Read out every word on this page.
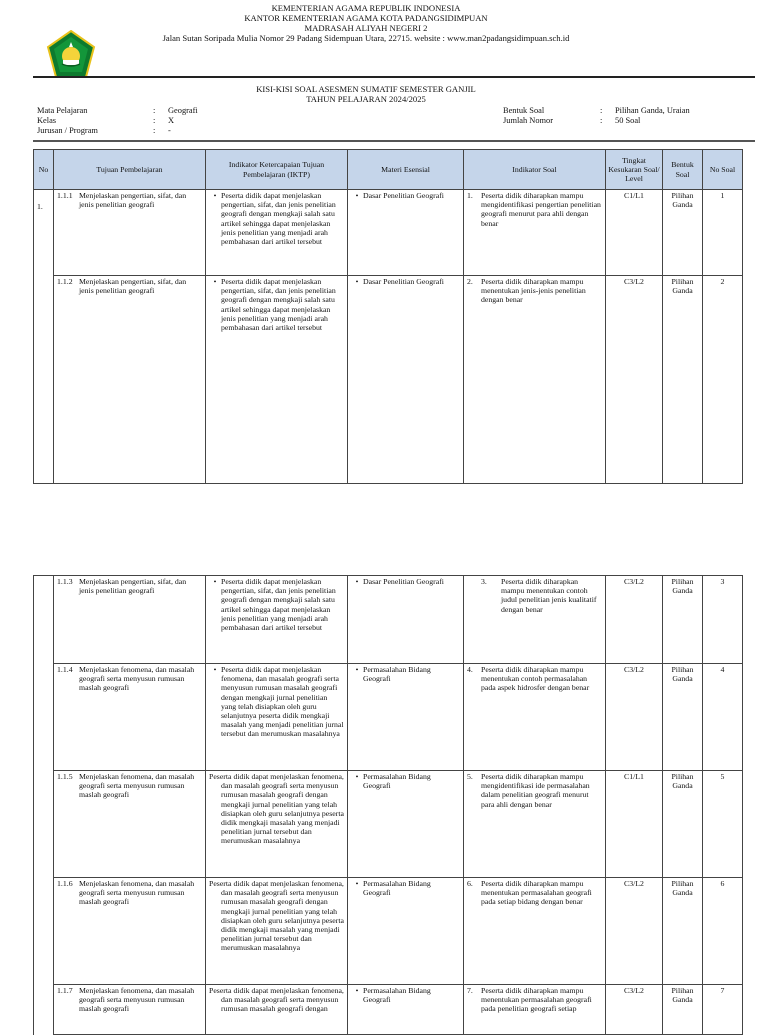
KEMENTERIAN AGAMA REPUBLIK INDONESIA
KANTOR KEMENTERIAN AGAMA KOTA PADANGSIDIMPUAN
MADRASAH ALIYAH NEGERI 2
Jalan Sutan Soripada Mulia Nomor 29 Padang Sidempuan Utara, 22715. website : www.man2padangsidimpuan.sch.id
KISI-KISI SOAL ASESMEN SUMATIF SEMESTER GANJIL
TAHUN PELAJARAN 2024/2025
Mata Pelajaran	: Geografi
Kelas	: X
Jurusan / Program	: -
Bentuk Soal	: Pilihan Ganda, Uraian
Jumlah Nomor	: 50 Soal
No	Tujuan Pembelajaran	Indikator Ketercapaian Tujuan Pembelajaran (IKTP)	Materi Esensial	Indikator Soal	Tingkat Kesukaran Soal/ Level	Bentuk Soal	No Soal
1.	1.1.1 Menjelaskan pengertian, sifat, dan jenis penelitian geografi	• Peserta didik dapat menjelaskan pengertian, sifat, dan jenis penelitian geografi dengan mengkaji salah satu artikel sehingga dapat menjelaskan jenis penelitian yang menjadi arah pembahasan dari artikel tersebut	• Dasar Penelitian Geografi	1. Peserta didik diharapkan mampu mengidentifikasi pengertian penelitian geografi menurut para ahli dengan benar	C1/L1	Pilihan Ganda	1

	1.1.2 Menjelaskan pengertian, sifat, dan jenis penelitian geografi	• Peserta didik dapat menjelaskan pengertian, sifat, dan jenis penelitian geografi dengan mengkaji salah satu artikel sehingga dapat menjelaskan jenis penelitian yang menjadi arah pembahasan dari artikel tersebut	• Dasar Penelitian Geografi	2. Peserta didik diharapkan mampu menentukan jenis-jenis penelitian dengan benar	C3/L2	Pilihan Ganda	2

	1.1.3 Menjelaskan pengertian, sifat, dan jenis penelitian geografi	• Peserta didik dapat menjelaskan pengertian, sifat, dan jenis penelitian geografi dengan mengkaji salah satu artikel sehingga dapat menjelaskan jenis penelitian yang menjadi arah pembahasan dari artikel tersebut	• Dasar Penelitian Geografi	3. Peserta didik diharapkan mampu menentukan contoh judul penelitian jenis kualitatif dengan benar	C3/L2	Pilihan Ganda	3

	1.1.4 Menjelaskan fenomena, dan masalah geografi serta menyusun rumusan maslah geografi	• Peserta didik dapat menjelaskan fenomena, dan masalah geografi serta menyusun rumusan masalah geografi dengan mengkaji jurnal penelitian yang telah disiapkan oleh guru selanjutnya peserta didik mengkaji masalah yang menjadi penelitian jurnal tersebut dan merumuskan masalahnya	• Permasalahan Bidang Geografi	4. Peserta didik diharapkan mampu menentukan contoh permasalahan pada aspek hidrosfer dengan benar	C3/L2	Pilihan Ganda	4

	1.1.5 Menjelaskan fenomena, dan masalah geografi serta menyusun rumusan maslah geografi	Peserta didik dapat menjelaskan fenomena, dan masalah geografi serta menyusun rumusan masalah geografi dengan mengkaji jurnal penelitian yang telah disiapkan oleh guru selanjutnya peserta didik mengkaji masalah yang menjadi penelitian jurnal tersebut dan merumuskan masalahnya	• Permasalahan Bidang Geografi	5. Peserta didik diharapkan mampu mengidentifikasi ide permasalahan dalam penelitian geografi menurut para ahli dengan benar	C1/L1	Pilihan Ganda	5

	1.1.6 Menjelaskan fenomena, dan masalah geografi serta menyusun rumusan maslah geografi	Peserta didik dapat menjelaskan fenomena, dan masalah geografi serta menyusun rumusan masalah geografi dengan mengkaji jurnal penelitian yang telah disiapkan oleh guru selanjutnya peserta didik mengkaji masalah yang menjadi penelitian jurnal tersebut dan merumuskan masalahnya	• Permasalahan Bidang Geografi	6. Peserta didik diharapkan mampu menentukan permasalahan geografi pada setiap bidang dengan benar	C3/L2	Pilihan Ganda	6

	1.1.7 Menjelaskan fenomena, dan masalah geografi serta menyusun rumusan maslah geografi	Peserta didik dapat menjelaskan fenomena, dan masalah geografi serta menyusun rumusan masalah geografi dengan	• Permasalahan Bidang Geografi	7. Peserta didik diharapkan mampu menentukan permasalahan geografi pada penelitian geografi setiap	C3/L2	Pilihan Ganda	7
